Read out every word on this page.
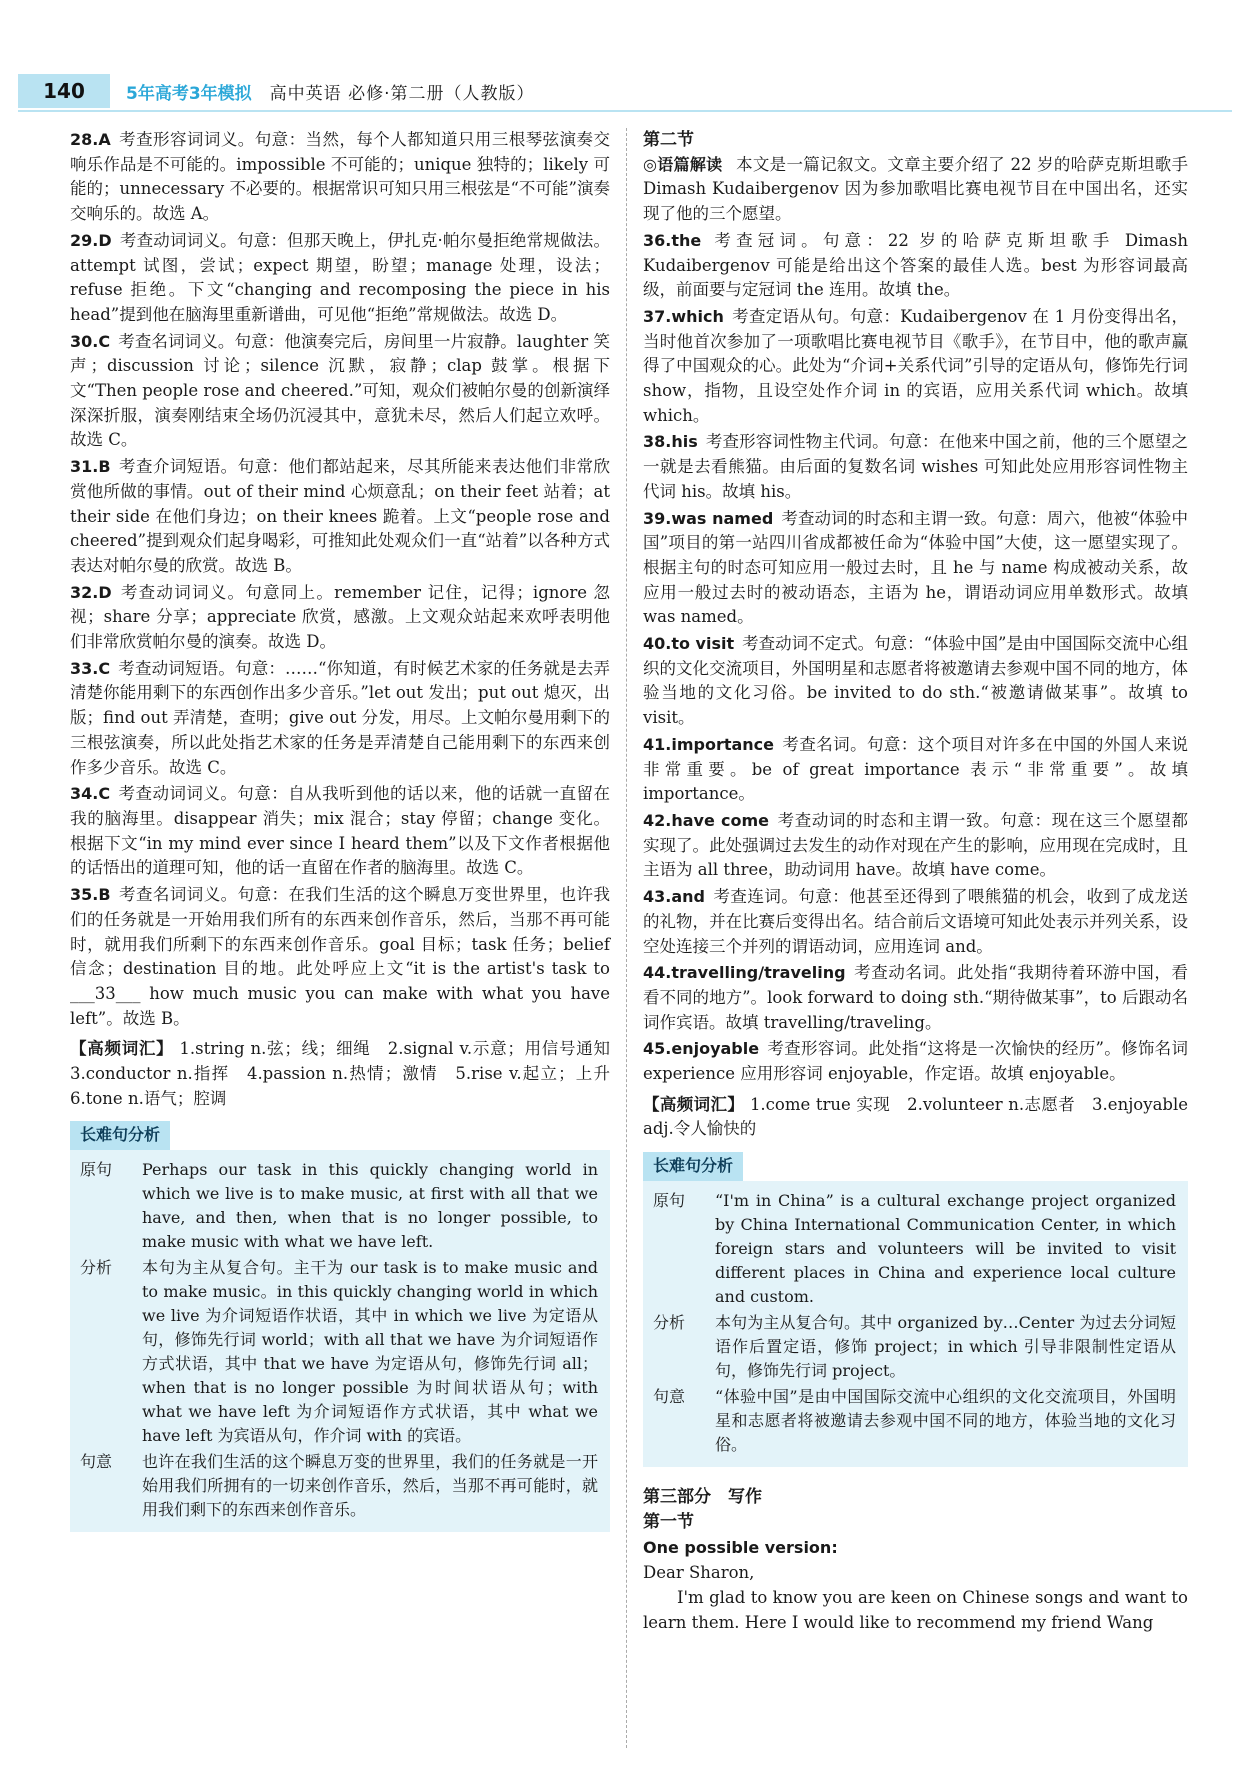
140	5年高考3年模拟 高中英语 必修·第二册（人教版）
28.A 考查形容词词义。句意：当然，每个人都知道只用三根琴弦演奏交响乐作品是不可能的。impossible 不可能的；unique 独特的；likely 可能的；unnecessary 不必要的。根据常识可知只用三根弦是“不可能”演奏交响乐的。故选 A。
29.D 考查动词词义。句意：但那天晚上，伊扎克·帕尔曼拒绝常规做法。attempt 试图，尝试；expect 期望，盼望；manage 处理，设法；refuse 拒绝。下文“changing and recomposing the piece in his head”提到他在脑海里重新谱曲，可见他“拒绝”常规做法。故选 D。
30.C 考查名词词义。句意：他演奏完后，房间里一片寂静。laughter 笑声；discussion 讨论；silence 沉默，寂静；clap 鼓掌。根据下文“Then people rose and cheered.”可知，观众们被帕尔曼的创新演绎深深折服，演奏刚结束全场仍沉浸其中，意犹未尽，然后人们起立欢呼。故选 C。
31.B 考查介词短语。句意：他们都站起来，尽其所能来表达他们非常欣赏他所做的事情。out of their mind 心烦意乱；on their feet 站着；at their side 在他们身边；on their knees 跪着。上文“people rose and cheered”提到观众们起身喝彩，可推知此处观众们一直“站着”以各种方式表达对帕尔曼的欣赏。故选 B。
32.D 考查动词词义。句意同上。remember 记住，记得；ignore 忽视；share 分享；appreciate 欣赏，感激。上文观众站起来欢呼表明他们非常欣赏帕尔曼的演奏。故选 D。
33.C 考查动词短语。句意：……“你知道，有时候艺术家的任务就是去弄清楚你能用剩下的东西创作出多少音乐。”let out 发出；put out 熄灭，出版；find out 弄清楚，查明；give out 分发，用尽。上文帕尔曼用剩下的三根弦演奏，所以此处指艺术家的任务是弄清楚自己能用剩下的东西来创作多少音乐。故选 C。
34.C 考查动词词义。句意：自从我听到他的话以来，他的话就一直留在我的脑海里。disappear 消失；mix 混合；stay 停留；change 变化。根据下文“in my mind ever since I heard them”以及下文作者根据他的话悟出的道理可知，他的话一直留在作者的脑海里。故选 C。
35.B 考查名词词义。句意：在我们生活的这个瞬息万变世界里，也许我们的任务就是一开始用我们所有的东西来创作音乐，然后，当那不再可能时，就用我们所剩下的东西来创作音乐。goal 目标；task 任务；belief 信念；destination 目的地。此处呼应上文“it is the artist's task to ___33___ how much music you can make with what you have left”。故选 B。
【高频词汇】 1.string n.弦；线；细绳　2.signal v.示意；用信号通知　3.conductor n.指挥　4.passion n.热情；激情　5.rise v.起立；上升　6.tone n.语气；腔调
长难句分析
原句	Perhaps our task in this quickly changing world in which we live is to make music, at first with all that we have, and then, when that is no longer possible, to make music with what we have left.
分析	本句为主从复合句。主干为 our task is to make music and to make music。in this quickly changing world in which we live 为介词短语作状语，其中 in which we live 为定语从句，修饰先行词 world；with all that we have 为介词短语作方式状语，其中 that we have 为定语从句，修饰先行词 all；when that is no longer possible 为时间状语从句；with what we have left 为介词短语作方式状语，其中 what we have left 为宾语从句，作介词 with 的宾语。
句意	也许在我们生活的这个瞬息万变的世界里，我们的任务就是一开始用我们所拥有的一切来创作音乐，然后，当那不再可能时，就用我们剩下的东西来创作音乐。
第二节
◎语篇解读 本文是一篇记叙文。文章主要介绍了 22 岁的哈萨克斯坦歌手 Dimash Kudaibergenov 因为参加歌唱比赛电视节目在中国出名，还实现了他的三个愿望。
36.the 考查冠词。句意：22 岁的哈萨克斯坦歌手 Dimash Kudaibergenov 可能是给出这个答案的最佳人选。best 为形容词最高级，前面要与定冠词 the 连用。故填 the。
37.which 考查定语从句。句意：Kudaibergenov 在 1 月份变得出名，当时他首次参加了一项歌唱比赛电视节目《歌手》，在节目中，他的歌声赢得了中国观众的心。此处为“介词+关系代词”引导的定语从句，修饰先行词 show，指物，且设空处作介词 in 的宾语，应用关系代词 which。故填 which。
38.his 考查形容词性物主代词。句意：在他来中国之前，他的三个愿望之一就是去看熊猫。由后面的复数名词 wishes 可知此处应用形容词性物主代词 his。故填 his。
39.was named 考查动词的时态和主谓一致。句意：周六，他被“体验中国”项目的第一站四川省成都被任命为“体验中国”大使，这一愿望实现了。根据主句的时态可知应用一般过去时，且 he 与 name 构成被动关系，故应用一般过去时的被动语态，主语为 he，谓语动词应用单数形式。故填 was named。
40.to visit 考查动词不定式。句意：“体验中国”是由中国国际交流中心组织的文化交流项目，外国明星和志愿者将被邀请去参观中国不同的地方，体验当地的文化习俗。be invited to do sth.“被邀请做某事”。故填 to visit。
41.importance 考查名词。句意：这个项目对许多在中国的外国人来说非常重要。be of great importance 表示“非常重要”。故填 importance。
42.have come 考查动词的时态和主谓一致。句意：现在这三个愿望都实现了。此处强调过去发生的动作对现在产生的影响，应用现在完成时，且主语为 all three，助动词用 have。故填 have come。
43.and 考查连词。句意：他甚至还得到了喂熊猫的机会，收到了成龙送的礼物，并在比赛后变得出名。结合前后文语境可知此处表示并列关系，设空处连接三个并列的谓语动词，应用连词 and。
44.travelling/traveling 考查动名词。此处指“我期待着环游中国，看看不同的地方”。look forward to doing sth.“期待做某事”，to 后跟动名词作宾语。故填 travelling/traveling。
45.enjoyable 考查形容词。此处指“这将是一次愉快的经历”。修饰名词 experience 应用形容词 enjoyable，作定语。故填 enjoyable。
【高频词汇】 1.come true 实现　2.volunteer n.志愿者　3.enjoyable adj.令人愉快的
长难句分析
原句	“I'm in China” is a cultural exchange project organized by China International Communication Center, in which foreign stars and volunteers will be invited to visit different places in China and experience local culture and custom.
分析	本句为主从复合句。其中 organized by…Center 为过去分词短语作后置定语，修饰 project；in which 引导非限制性定语从句，修饰先行词 project。
句意	“体验中国”是由中国国际交流中心组织的文化交流项目，外国明星和志愿者将被邀请去参观中国不同的地方，体验当地的文化习俗。
第三部分　写作
第一节
One possible version:
Dear Sharon,
I'm glad to know you are keen on Chinese songs and want to learn them. Here I would like to recommend my friend Wang
